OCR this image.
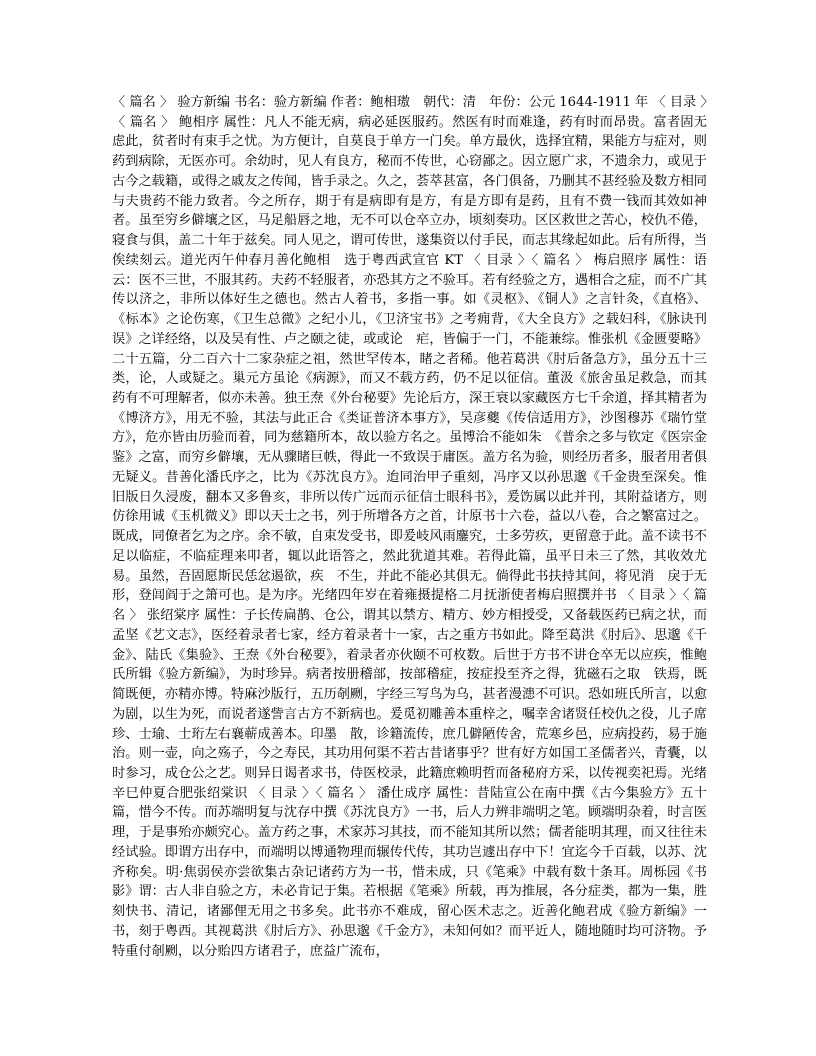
〈 篇名 〉 验方新编 书名：验方新编 作者：鲍相璈　朝代：清　年份：公元 1644-1911 年 〈 目录 〉〈 篇名 〉 鲍相序 属性：凡人不能无病，病必延医服药。然医有时而难逢，药有时而昂贵。富者固无虑此，贫者时有束手之忧。为方便计，自莫良于单方一门矣。单方最伙，选择宜精，果能方与症对，则药到病除，无医亦可。余幼时，见人有良方，秘而不传世，心窃鄙之。因立愿广求，不遗余力，或见于古今之载籍，或得之戚友之传闻，皆手录之。久之，荟萃甚富，各门俱备，乃删其不甚经验及数方相同与夫贵药不能力致者。今之所存，期于有是病即有是方，有是方即有是药，且有不费一钱而其效如神者。虽至穷乡僻壤之区，马足船唇之地，无不可以仓卒立办，顷刻奏功。区区救世之苦心，校仇不倦，寝食与俱，盖二十年于兹矣。同人见之，谓可传世，遂集资以付手民，而志其缘起如此。后有所得，当俟续刻云。道光丙午仲春月善化鲍相　选于粤西武宣官 KT 〈 目录 〉〈 篇名 〉 梅启照序 属性：语云：医不三世，不服其药。夫药不轻服者，亦恐其方之不验耳。若有经验之方，遇相合之症，而不广其传以济之，非所以体好生之德也。然古人着书，多指一事。如《灵枢》、《铜人》之言针灸，《直格》、《标本》之论伤寒，《卫生总微》之纪小儿，《卫济宝书》之考痈背，《大全良方》之载妇科，《脉诀刊误》之详经络，以及吴有性、卢之颐之徒，或或论　疟，皆偏于一门，不能兼综。惟张机《金匮要略》二十五篇，分二百六十二家杂症之祖，然世罕传本，睹之者稀。他若葛洪《肘后备急方》，虽分五十三类，论，人或疑之。巢元方虽论《病源》，而又不载方药，仍不足以征信。董汲《旅舍虽足救急，而其药有不可理解者，似亦未善。独王焘《外台秘要》先论后方，深王衰以家藏医方七千余道，择其精者为《博济方》，用无不验，其法与此正合《类证普济本事方》，吴彦夔《传信适用方》，沙图穆苏《瑞竹堂方》，危亦皆由历验而着，同为慈籍所本，故以验方名之。虽博洽不能如朱　《普余之多与钦定《医宗金鉴》之富，而穷乡僻壤，无从骤睹巨帙，得此一不致误于庸医。盖方名为验，则经历者多，服者用者俱无疑义。昔善化潘氏序之，比为《苏沈良方》。迨同治甲子重刻，冯序又以孙思邈《千金贵至深矣。惟旧版日久浸废，翻本又多鲁亥，非所以传广远而示征信士眼科书》，爰饬属以此并刊，其附益诸方，则仿徐用诚《玉机微义》即以天士之书，列于所增各方之首，计原书十六卷，益以八卷，合之繁富过之。既成，同僚者乞为之序。余不敏，自束发受书，即爰岐风雨鏖究，士多劳疚，更留意于此。盖不读书不足以临症，不临症理来叩者，辄以此语答之，然此犹道其难。若得此篇，虽平日未三了然，其收效尤易。虽然，吾固愿斯民恁忿遏欲，疾　不生，并此不能必其俱无。倘得此书扶持其间，将见消　戾于无形，登闾阎于之箫可也。是为序。光绪四年岁在着雍摄提格二月抚浙使者梅启照撰并书 〈 目录 〉〈 篇名 〉 张绍棠序 属性：子长传扁鹊、仓公，谓其以禁方、精方、妙方相授受，又备载医药已病之状，而孟坚《艺文志》，医经着录者七家，经方着录者十一家，古之重方书如此。降至葛洪《肘后》、思邈《千金》、陆氏《集验》、王焘《外台秘要》，着录者亦伙颐不可枚数。后世于方书不讲仓卒无以应疾，惟鲍氏所辑《验方新编》，为时珍异。病者按册稽部，按部稽症，按症投至齐之得，犹磁石之取　铁焉，既简既便，亦精亦博。特麻沙版行，五历剞劂，字经三写鸟为乌，甚者漫漶不可识。恐如班氏所言，以愈为剧，以生为死，而说者遂訾言古方不新病也。爰觅初雕善本重梓之，嘱幸舍诸贤任校仇之役，儿子席珍、士瑜、士珩左右襄蕲成善本。印墨　散，诊籍流传，庶几僻陋传舍，荒寒乡邑，应病投药，易于施治。则一壶，向之殇子，今之寿民，其功用何渠不若古昔诸事乎？世有好方如国工圣儒者兴，青囊，以时参习，成仓公之艺。则异日谒者求书，侍医校录，此籍庶赖明哲而备秘府方采，以传视奕祀焉。光绪辛巳仲夏合肥张绍棠识 〈 目录 〉〈 篇名 〉 潘仕成序 属性：昔陆宣公在南中撰《古今集验方》五十篇，惜今不传。而苏端明复与沈存中撰《苏沈良方》一书，后人力辨非端明之笔。顾端明杂着，时言医理，于是事殆亦颇究心。盖方药之事，术家苏习其技，而不能知其所以然；儒者能明其理，而又往往未经试验。即谓方出存中，而端明以博通物理而辗传代传，其功岂遽出存中下！宜迄今千百载，以苏、沈齐称矣。明·焦弱侯亦尝欲集古杂记诸药方为一书，惜未成，只《笔乘》中载有数十条耳。周栎园《书影》谓：古人非自验之方，未必肯记于集。若根据《笔乘》所载，再为推展，各分症类，都为一集，胜刻快书、清记，诸鄙俚无用之书多矣。此书亦不难成，留心医术志之。近善化鲍君成《验方新编》一书，刻于粤西。其视葛洪《肘后方》、孙思邈《千金方》，未知何如？而平近人，随地随时均可济物。予特重付剞劂，以分贻四方诸君子，庶益广流布，
